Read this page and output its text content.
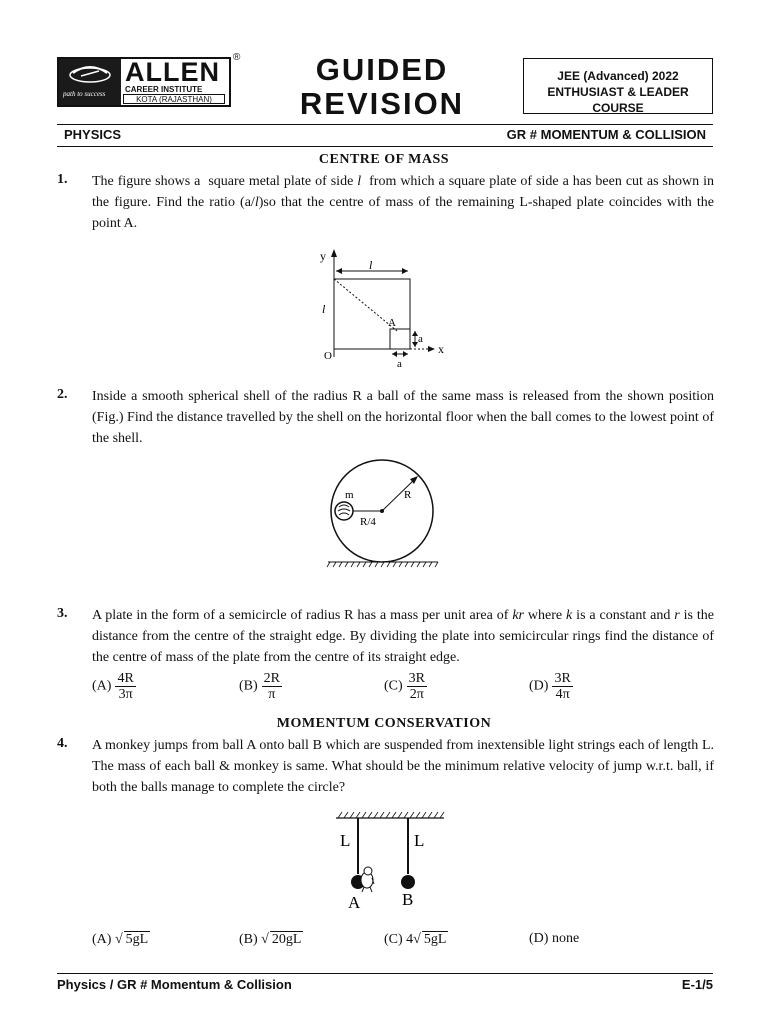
path to success
ALLEN
CAREER INSTITUTE
KOTA (RAJASTHAN)
®	GUIDED
REVISION
JEE (Advanced) 2022
ENTHUSIAST & LEADER COURSE
PHYSICS	GR # MOMENTUM & COLLISION
CENTRE OF MASS
1. The figure shows a  square metal plate of side l  from which a square plate of side a has been cut as shown in the figure. Find the ratio (a/l)so that the centre of mass of the remaining L-shaped plate coincides with the point A.
y
x
l
l
A
O
a
a
2. Inside a smooth spherical shell of the radius R a ball of the same mass is released from the shown position (Fig.) Find the distance travelled by the shell on the horizontal floor when the ball comes to the lowest point of the shell.
m	R
R/4
3. A plate in the form of a semicircle of radius R has a mass per unit area of kr where k is a constant and r is the distance from the centre of the straight edge. By dividing the plate into semicircular rings find the distance of the centre of mass of the plate from the centre of its straight edge.
$(A) \frac{4R}{3\pi}$	$(B) \frac{2R}{\pi}$	$(C) \frac{3R}{2\pi}$	$(D) \frac{3R}{4\pi}$
MOMENTUM CONSERVATION
4. A monkey jumps from ball A onto ball B which are suspended from inextensible light strings each of length L. The mass of each ball & monkey is same. What should be the minimum relative velocity of jump w.r.t. ball, if both the balls manage to complete the circle?
L	L
A B
(A) √ 5gL	(B) √ 20gL	(C) 4√ 5gL	(D) none
Physics / GR # Momentum & Collision	E-1/5
